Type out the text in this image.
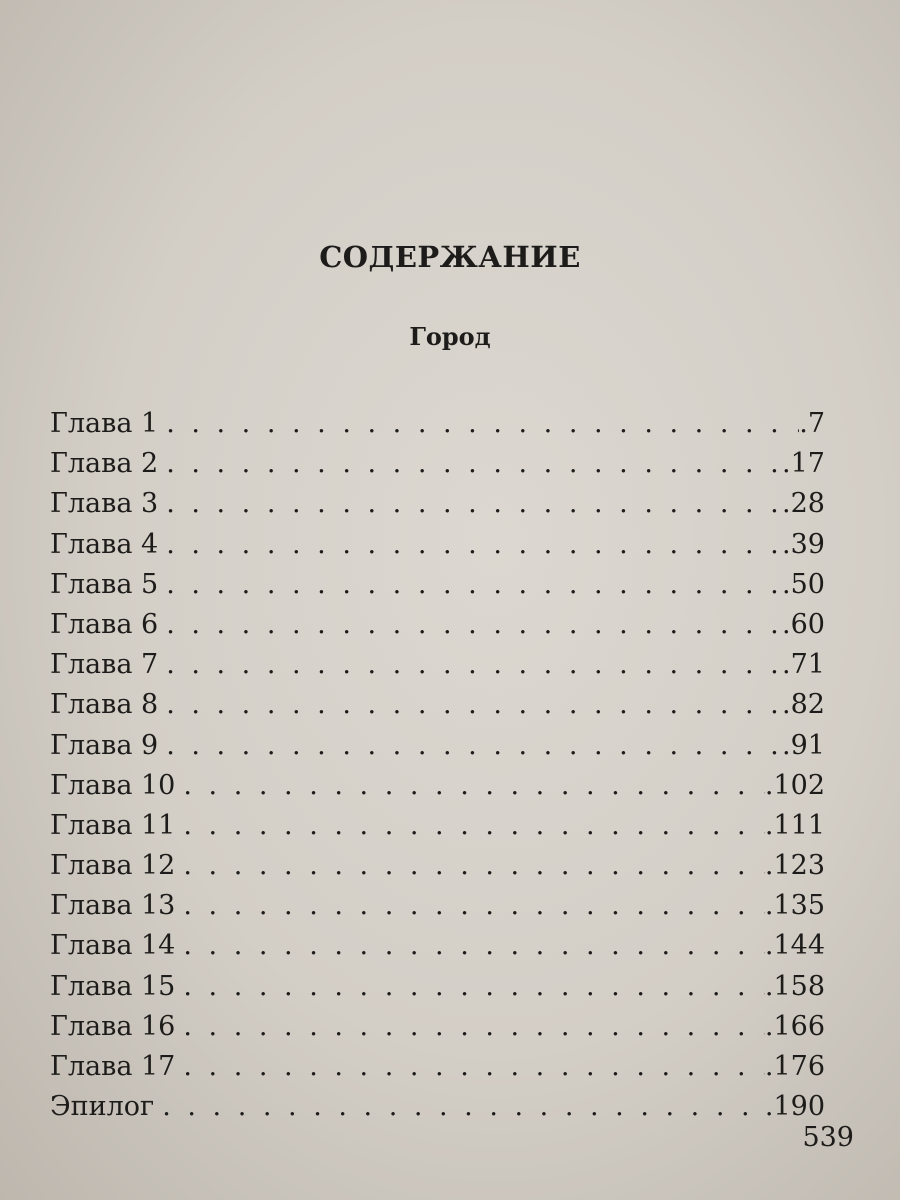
СОДЕРЖАНИЕ
Город
Глава 1 . . .	.7
Глава 2 . . .	.17
Глава 3 . . .	.28
Глава 4 . . .	.39
Глава 5 . . .	.50
Глава 6 . . .	.60
Глава 7 . . .	.71
Глава 8 . . .	.82
Глава 9 . . .	.91
Глава 10 . . .	.102
Глава 11 . . .	.111
Глава 12 . . .	.123
Глава 13 . . .	.135
Глава 14 . . .	.144
Глава 15 . . .	.158
Глава 16 . . .	.166
Глава 17 . . .	.176
Эпилог . . .	.190
539
